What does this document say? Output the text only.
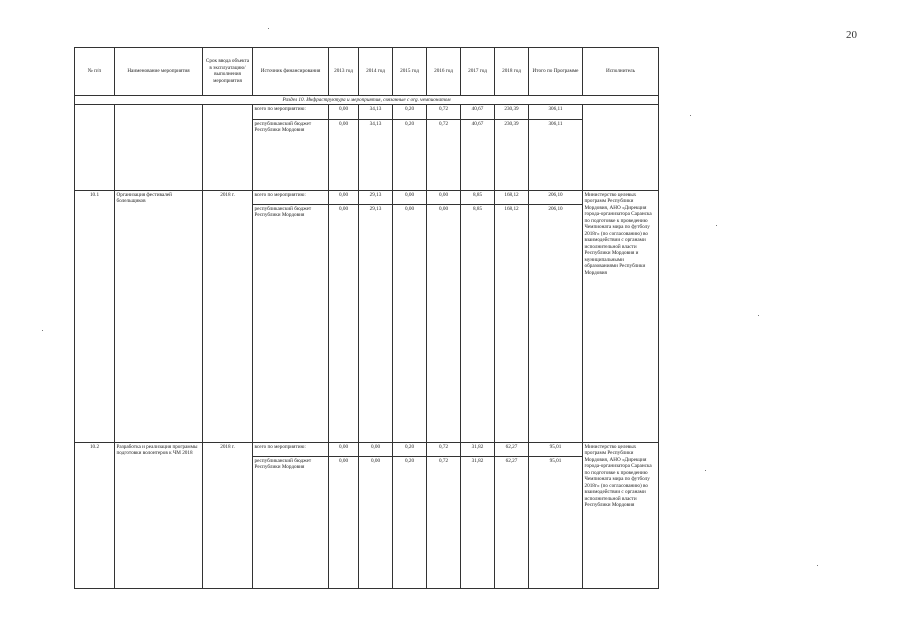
20
№ п/п	Наименование мероприятия	Срок ввода объекта в эксплуатацию/ выполнения мероприятия	Источник финансирования	2013 год	2014 год	2015 год	2016 год	2017 год	2018 год	Итого по Программе	Исполнитель
Раздел 10. Инфраструктура и мероприятия, связанные с org. чемпионатом											
			всего по мероприятию:	0,00	34,13	0,20	0,72	40,67	230,39	306,11	
			республиканский бюджет Республики Мордовия	0,00	34,13	0,20	0,72	40,67	230,39	306,11	
10.1	Организация фестивалей болельщиков	2018 г.	всего по мероприятию:	0,00	29,13	0,00	0,00	8,85	168,12	206,10	Министерство целевых программ Республики Мордовия, АНО «Дирекция города-организатора Саранска по подготовке к проведению Чемпионата мира по футболу 2018г» (по согласованию) во взаимодействии с органами исполнительной власти Республики Мордовия и муниципальными образованиями Республики Мордовия
			республиканский бюджет Республики Мордовия	0,00	29,13	0,00	0,00	8,85	168,12	206,10	
10.2	Разработка и реализация программы подготовки волонтеров к ЧМ 2018	2018 г.	всего по мероприятию:	0,00	0,00	0,20	0,72	31,82	62,27	95,01	Министерство целевых программ Республики Мордовия, АНО «Дирекция города-организатора Саранска по подготовке к проведению Чемпионата мира по футболу 2018г» (по согласованию) во взаимодействии с органами исполнительной власти Республики Мордовия
			республиканский бюджет Республики Мордовия	0,00	0,00	0,20	0,72	31,82	62,27	95,01	
